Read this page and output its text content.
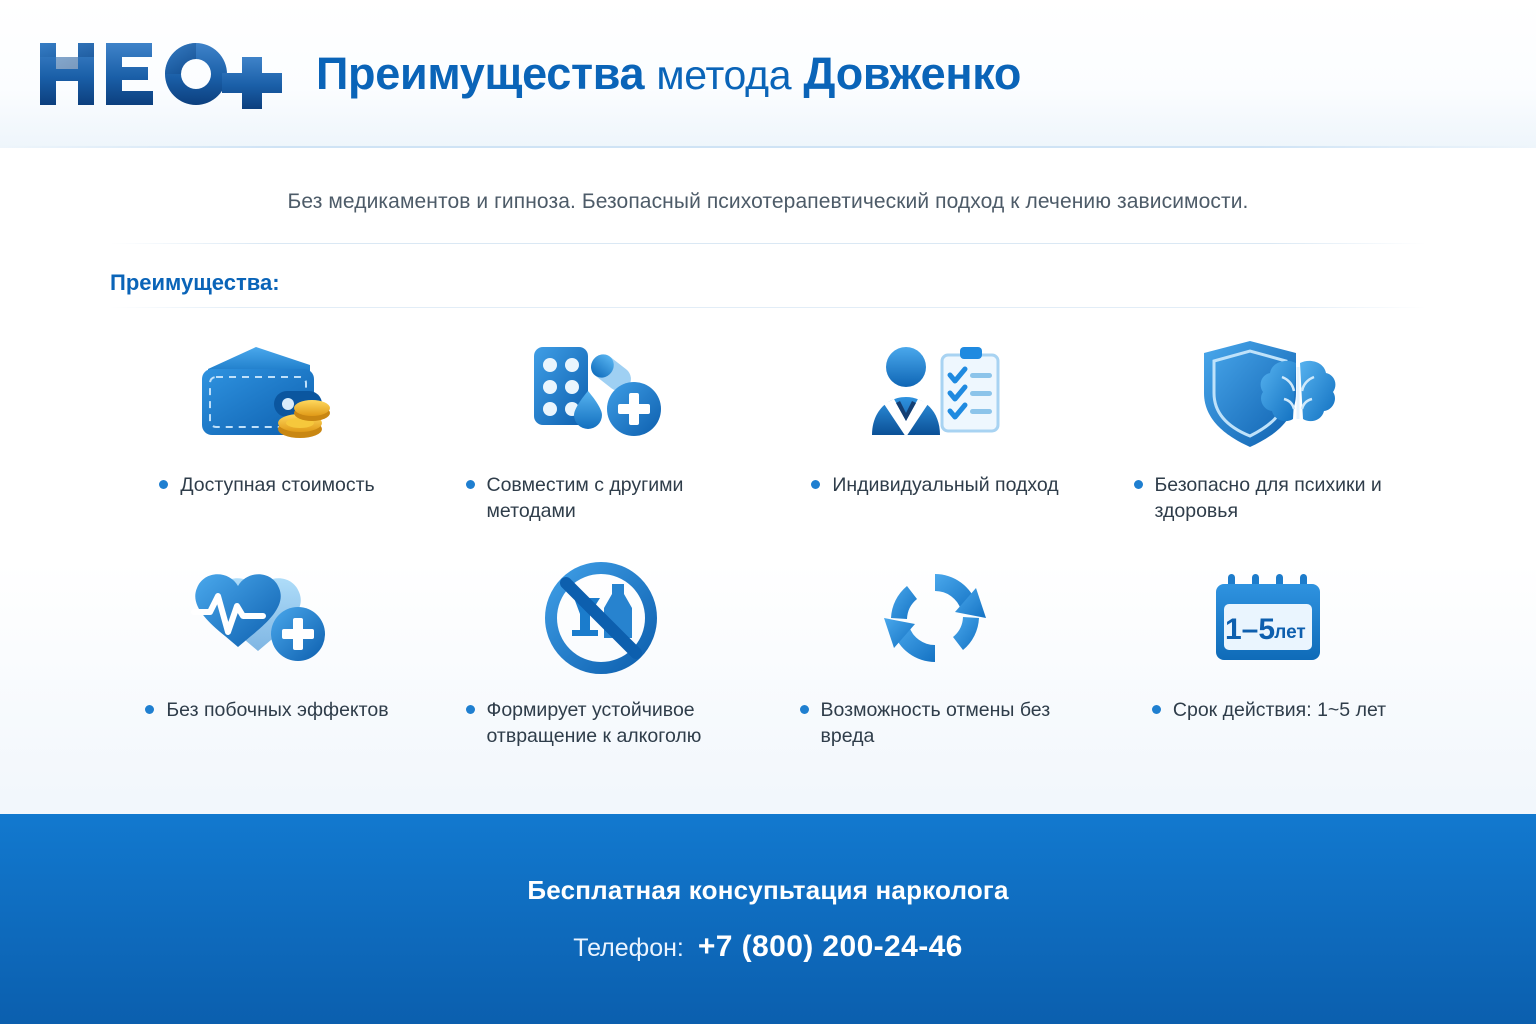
Преимущества метода Довженко
Без медикаментов и гипноза. Безопасный психотерапевтический подход к лечению зависимости.
Преимущества:
Доступная стоимость	Совместим с другими методами
Индивидуальный подход	Безопасно для психики и здоровья
Без побочных эффектов	Формирует устойчивое отвращение к алкоголю
Возможность отмены без вреда
1–5 лет
Срок действия: 1~5 лет
Бесплатная консупьтация нарколога
Телефон: +7 (800) 200-24-46
